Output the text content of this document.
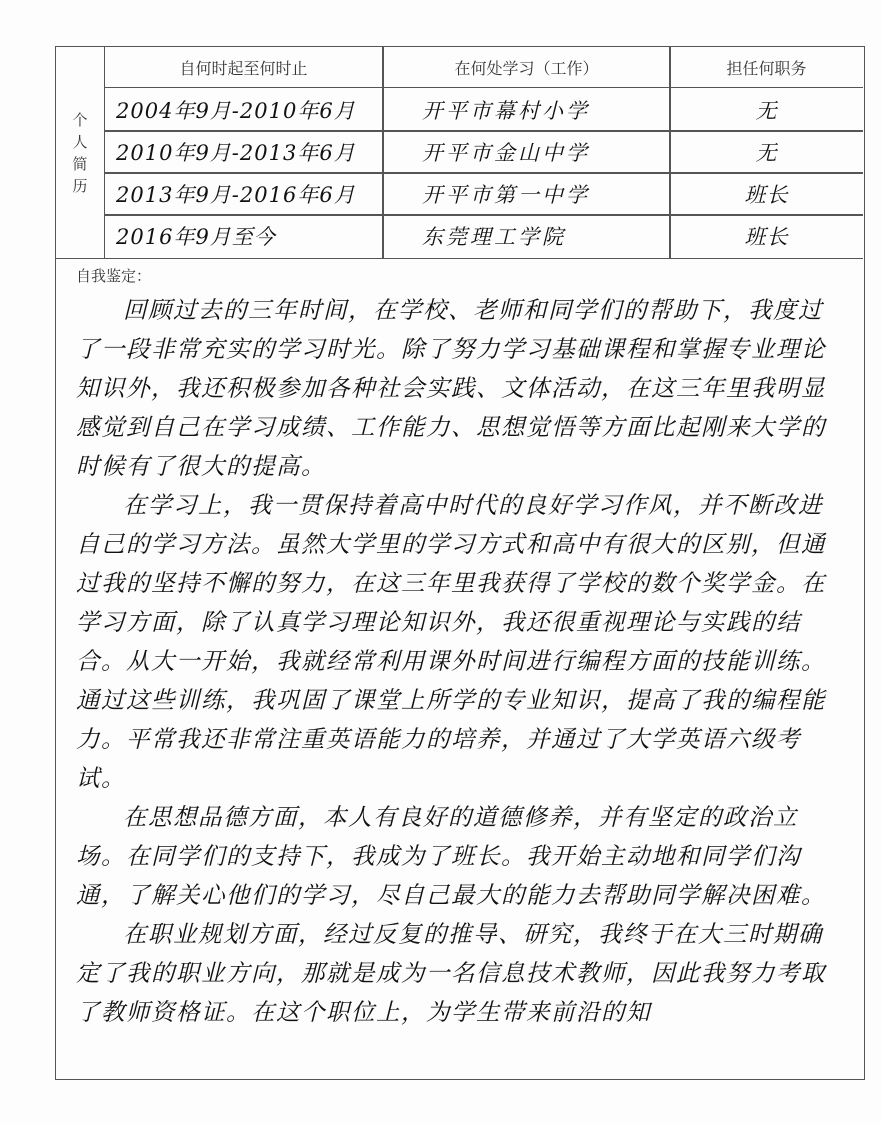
个
人
简
历
自何时起至何时止	在何处学习（工作）	担任何职务
2004年9月-2010年6月	开平市幕村小学	无
2010年9月-2013年6月	开平市金山中学	无
2013年9月-2016年6月	开平市第一中学	班长
2016年9月至今	东莞理工学院	班长
自我鉴定：

回顾过去的三年时间，在学校、老师和同学们的帮助下，我度过了一段非常充实的学习时光。除了努力学习基础课程和掌握专业理论知识外，我还积极参加各种社会实践、文体活动，在这三年里我明显感觉到自己在学习成绩、工作能力、思想觉悟等方面比起刚来大学的时候有了很大的提高。

在学习上，我一贯保持着高中时代的良好学习作风，并不断改进自己的学习方法。虽然大学里的学习方式和高中有很大的区别，但通过我的坚持不懈的努力，在这三年里我获得了学校的数个奖学金。在学习方面，除了认真学习理论知识外，我还很重视理论与实践的结合。从大一开始，我就经常利用课外时间进行编程方面的技能训练。通过这些训练，我巩固了课堂上所学的专业知识，提高了我的编程能力。平常我还非常注重英语能力的培养，并通过了大学英语六级考试。

在思想品德方面，本人有良好的道德修养，并有坚定的政治立场。在同学们的支持下，我成为了班长。我开始主动地和同学们沟通，了解关心他们的学习，尽自己最大的能力去帮助同学解决困难。

在职业规划方面，经过反复的推导、研究，我终于在大三时期确定了我的职业方向，那就是成为一名信息技术教师，因此我努力考取了教师资格证。在这个职位上，为学生带来前沿的知
